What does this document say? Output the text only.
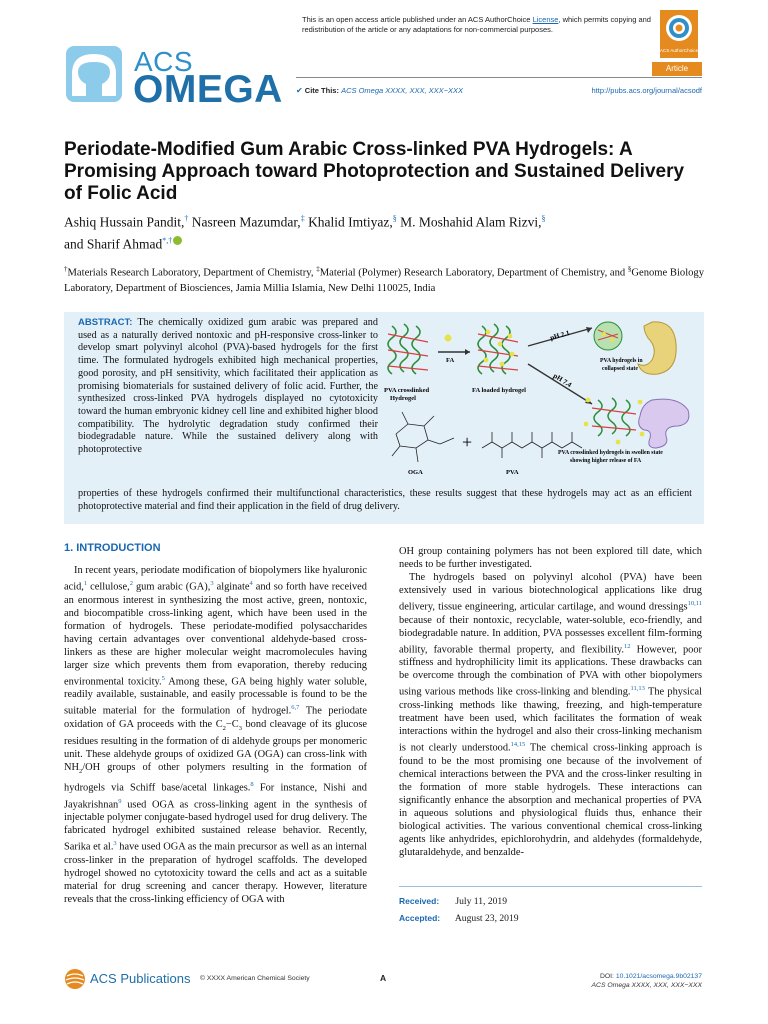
ACS
OMEGA
This is an open access article published under an ACS AuthorChoice License, which permits copying and redistribution of the article or any adaptations for non-commercial purposes.
ACS AuthorChoice
Article
✔ Cite This: ACS Omega XXXX, XXX, XXX−XXX	http://pubs.acs.org/journal/acsodf
Periodate-Modified Gum Arabic Cross-linked PVA Hydrogels: A Promising Approach toward Photoprotection and Sustained Delivery of Folic Acid
Ashiq Hussain Pandit,† Nasreen Mazumdar,‡ Khalid Imtiyaz,§ M. Moshahid Alam Rizvi,§
and Sharif Ahmad*,†
†Materials Research Laboratory, Department of Chemistry, ‡Material (Polymer) Research Laboratory, Department of Chemistry, and §Genome Biology Laboratory, Department of Biosciences, Jamia Millia Islamia, New Delhi 110025, India
ABSTRACT: The chemically oxidized gum arabic was prepared and used as a naturally derived nontoxic and pH-responsive cross-linker to develop smart polyvinyl alcohol (PVA)-based hydrogels for the first time. The formulated hydrogels exhibited high mechanical properties, good porosity, and pH sensitivity, which facilitated their application as promising biomaterials for sustained delivery of folic acid. Further, the synthesized cross-linked PVA hydrogels displayed no cytotoxicity toward the human embryonic kidney cell line and exhibited higher blood compatibility. The hydrolytic degradation study confirmed their biodegradable nature. While the sustained delivery along with photoprotective
PVA crosslinked
Hydrogel
FA
FA loaded hydrogel
pH 2.1
pH 7.4
PVA hydrogels in
collapsed state
PVA crosslinked hydrogels in swollen state
showing higher release of FA
OGA
+
PVA
properties of these hydrogels confirmed their multifunctional characteristics, these results suggest that these hydrogels may act as an efficient photoprotective material and find their application in the field of drug delivery.
1. INTRODUCTION

In recent years, periodate modification of biopolymers like hyaluronic acid,$^1$ cellulose,$^2$ gum arabic (GA),$^3$ alginate$^4$ and so forth have received an enormous interest in synthesizing the most active, green, nontoxic, and biocompatible cross-linking agent, which have been used in the formation of hydrogels. These periodate-modified polysaccharides having certain advantages over conventional aldehyde-based cross-linkers as these are higher molecular weight macromolecules having larger size which prevents them from evaporation, thereby reducing environmental toxicity.$^5$ Among these, GA being highly water soluble, readily available, sustainable, and easily processable is found to be the suitable material for the formulation of hydrogel.$^{6,7}$ The periodate oxidation of GA proceeds with the $C_2-C_3$ bond cleavage of its glucose residues resulting in the formation of di aldehyde groups per monomeric unit. These aldehyde groups of oxidized GA (OGA) can cross-link with $NH_2/OH$ groups of other polymers resulting in the formation of hydrogels via Schiff base/acetal linkages.$^8$ For instance, Nishi and Jayakrishnan$^9$ used OGA as cross-linking agent in the synthesis of injectable polymer conjugate-based hydrogel used for drug delivery. The fabricated hydrogel exhibited sustained release behavior. Recently, Sarika et al.$^3$ have used OGA as the main precursor as well as an internal cross-linker in the preparation of hydrogel scaffolds. The developed hydrogel showed no cytotoxicity toward the cells and act as a suitable material for drug screening and cancer therapy. However, literature reveals that the cross-linking efficiency of OGA with

OH group containing polymers has not been explored till date, which needs to be further investigated.

The hydrogels based on polyvinyl alcohol (PVA) have been extensively used in various biotechnological applications like drug delivery, tissue engineering, articular cartilage, and wound dressings$^{10,11}$ because of their nontoxic, recyclable, water-soluble, eco-friendly, and biodegradable nature. In addition, PVA possesses excellent film-forming ability, favorable thermal property, and flexibility.$^{12}$ However, poor stiffness and hydrophilicity limit its applications. These drawbacks can be overcome through the combination of PVA with other biopolymers using various methods like cross-linking and blending.$^{11,13}$ The physical cross-linking methods like thawing, freezing, and high-temperature treatment have been used, which facilitates the formation of weak interactions within the hydrogel and also their cross-linking mechanism is not clearly understood.$^{14,15}$ The chemical cross-linking approach is found to be the most promising one because of the involvement of chemical interactions between the PVA and the cross-linker resulting in the formation of more stable hydrogels. These interactions can significantly enhance the absorption and mechanical properties of PVA in aqueous solutions and physiological fluids thus, enhance their biological activities. The various conventional chemical cross-linking agents like anhydrides, epichlorohydrin, and aldehydes (formaldehyde, glutaraldehyde, and benzalde-

Received: July 11, 2019
Accepted: August 23, 2019
ACS Publications © XXXX American Chemical Society	A	DOI: 10.1021/acsomega.9b02137
ACS Omega XXXX, XXX, XXX−XXX
